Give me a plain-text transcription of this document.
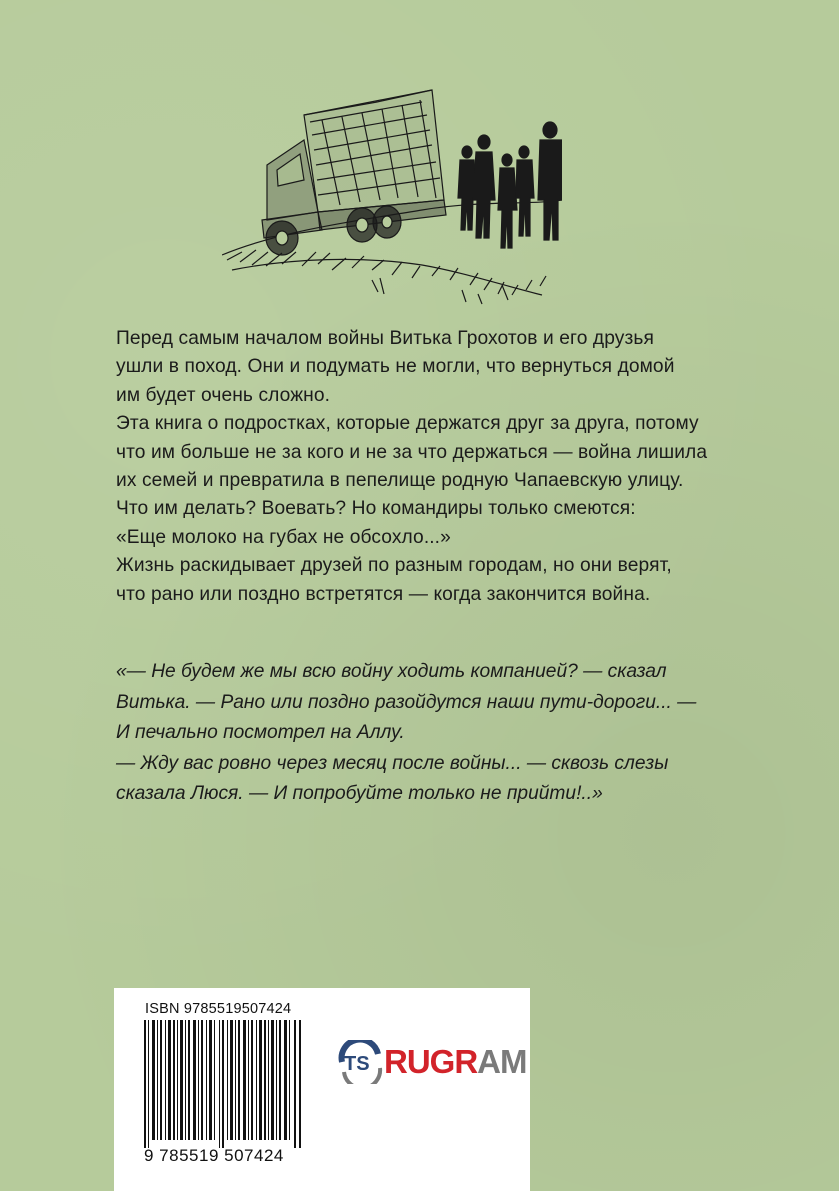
Перед самым началом войны Витька Грохотов и его друзья

ушли в поход. Они и подумать не могли, что вернуться домой

им будет очень сложно.

Эта книга о подростках, которые держатся друг за друга, потому

что им больше не за кого и не за что держаться — война лишила

их семей и превратила в пепелище родную Чапаевскую улицу.

Что им делать? Воевать? Но командиры только смеются:

«Еще молоко на губах не обсохло...»

Жизнь раскидывает друзей по разным городам, но они верят,

что рано или поздно встретятся — когда закончится война.

«— Не будем же мы всю войну ходить компанией? — сказал

Витька. — Рано или поздно разойдутся наши пути-дороги... —

И печально посмотрел на Аллу.

— Жду вас ровно через месяц после войны... — сквозь слезы

сказала Люся. — И попробуйте только не прийти!..»

ISBN 9785519507424
9 785519 507424
TS RUGRAM
